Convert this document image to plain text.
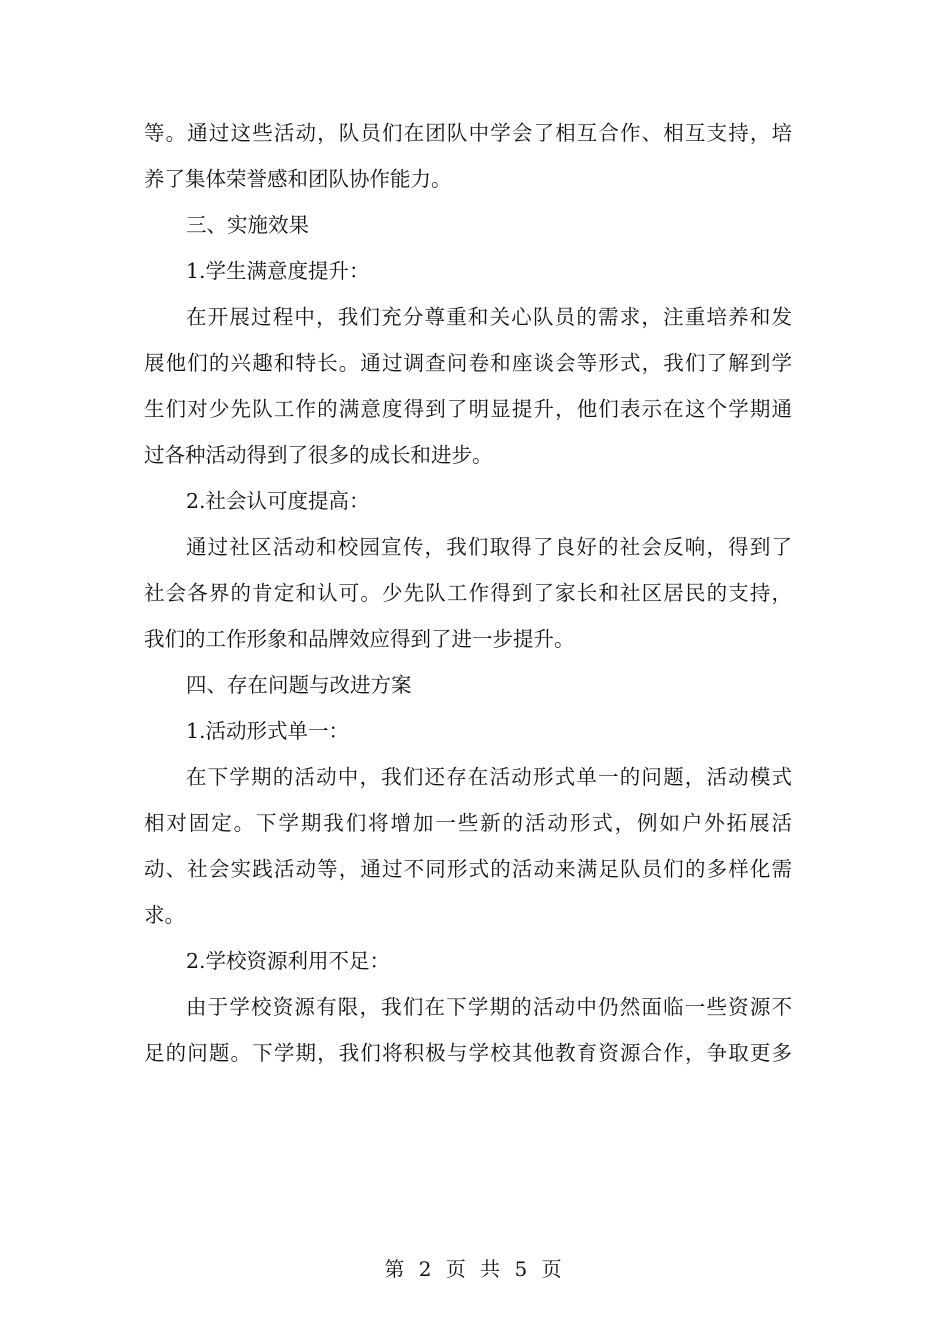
等。通过这些活动，队员们在团队中学会了相互合作、相互支持，培
养了集体荣誉感和团队协作能力。
三、实施效果
1.学生满意度提升：
在开展过程中，我们充分尊重和关心队员的需求，注重培养和发
展他们的兴趣和特长。通过调查问卷和座谈会等形式，我们了解到学
生们对少先队工作的满意度得到了明显提升，他们表示在这个学期通
过各种活动得到了很多的成长和进步。
2.社会认可度提高：
通过社区活动和校园宣传，我们取得了良好的社会反响，得到了
社会各界的肯定和认可。少先队工作得到了家长和社区居民的支持，
我们的工作形象和品牌效应得到了进一步提升。
四、存在问题与改进方案
1.活动形式单一：
在下学期的活动中，我们还存在活动形式单一的问题，活动模式
相对固定。下学期我们将增加一些新的活动形式，例如户外拓展活
动、社会实践活动等，通过不同形式的活动来满足队员们的多样化需
求。
2.学校资源利用不足：
由于学校资源有限，我们在下学期的活动中仍然面临一些资源不
足的问题。下学期，我们将积极与学校其他教育资源合作，争取更多
第 2 页 共 5 页
